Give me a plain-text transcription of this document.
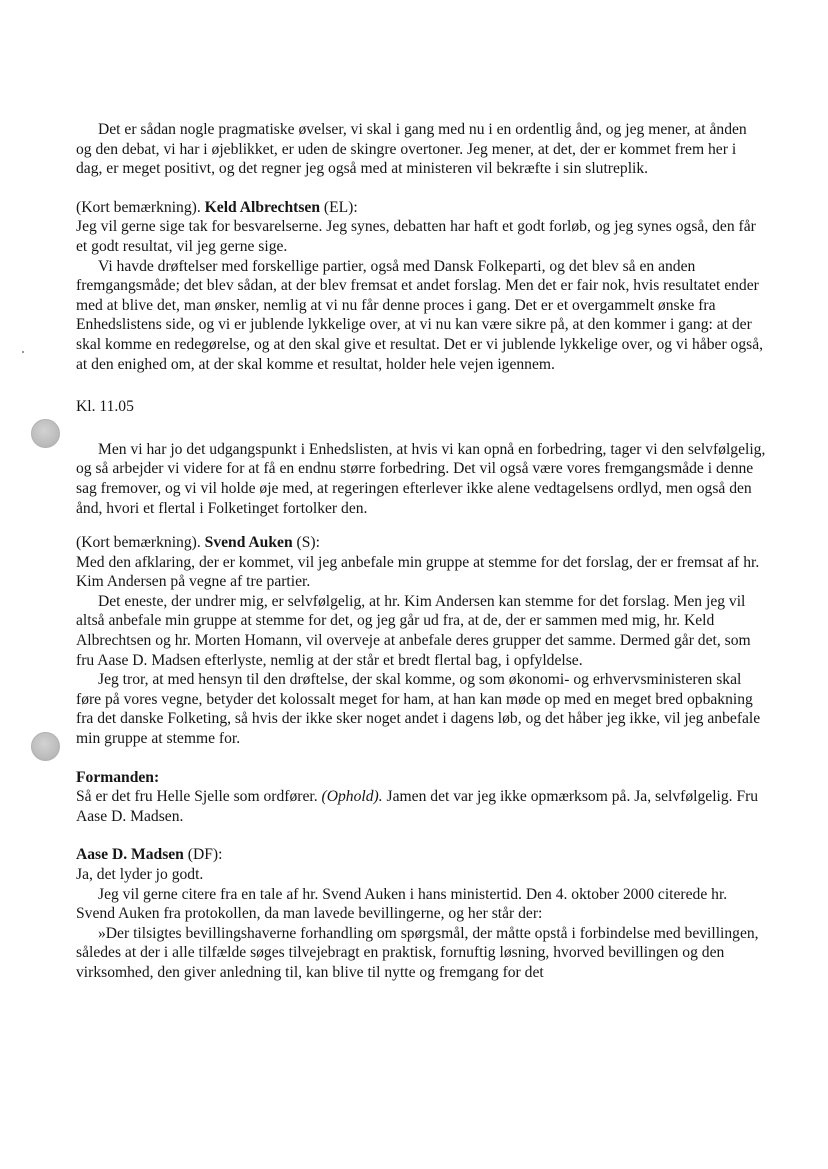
Det er sådan nogle pragmatiske øvelser, vi skal i gang med nu i en ordentlig ånd, og jeg mener, at ånden og den debat, vi har i øjeblikket, er uden de skingre overtoner. Jeg mener, at det, der er kommet frem her i dag, er meget positivt, og det regner jeg også med at ministeren vil bekræfte i sin slutreplik.

(Kort bemærkning). Keld Albrechtsen (EL):

Jeg vil gerne sige tak for besvarelserne. Jeg synes, debatten har haft et godt forløb, og jeg synes også, den får et godt resultat, vil jeg gerne sige.

Vi havde drøftelser med forskellige partier, også med Dansk Folkeparti, og det blev så en anden fremgangsmåde; det blev sådan, at der blev fremsat et andet forslag. Men det er fair nok, hvis resultatet ender med at blive det, man ønsker, nemlig at vi nu får denne proces i gang. Det er et overgammelt ønske fra Enhedslistens side, og vi er jublende lykkelige over, at vi nu kan være sikre på, at den kommer i gang: at der skal komme en redegørelse, og at den skal give et resultat. Det er vi jublende lykkelige over, og vi håber også, at den enighed om, at der skal komme et resultat, holder hele vejen igennem.

Kl. 11.05

Men vi har jo det udgangspunkt i Enhedslisten, at hvis vi kan opnå en forbedring, tager vi den selvfølgelig, og så arbejder vi videre for at få en endnu større forbedring. Det vil også være vores fremgangsmåde i denne sag fremover, og vi vil holde øje med, at regeringen efterlever ikke alene vedtagelsens ordlyd, men også den ånd, hvori et flertal i Folketinget fortolker den.

(Kort bemærkning). Svend Auken (S):

Med den afklaring, der er kommet, vil jeg anbefale min gruppe at stemme for det forslag, der er fremsat af hr. Kim Andersen på vegne af tre partier.

Det eneste, der undrer mig, er selvfølgelig, at hr. Kim Andersen kan stemme for det forslag. Men jeg vil altså anbefale min gruppe at stemme for det, og jeg går ud fra, at de, der er sammen med mig, hr. Keld Albrechtsen og hr. Morten Homann, vil overveje at anbefale deres grupper det samme. Dermed går det, som fru Aase D. Madsen efterlyste, nemlig at der står et bredt flertal bag, i opfyldelse.

Jeg tror, at med hensyn til den drøftelse, der skal komme, og som økonomi- og erhvervsministeren skal føre på vores vegne, betyder det kolossalt meget for ham, at han kan møde op med en meget bred opbakning fra det danske Folketing, så hvis der ikke sker noget andet i dagens løb, og det håber jeg ikke, vil jeg anbefale min gruppe at stemme for.

Formanden:

Så er det fru Helle Sjelle som ordfører. (Ophold). Jamen det var jeg ikke opmærksom på. Ja, selvfølgelig. Fru Aase D. Madsen.

Aase D. Madsen (DF):

Ja, det lyder jo godt.

Jeg vil gerne citere fra en tale af hr. Svend Auken i hans ministertid. Den 4. oktober 2000 citerede hr. Svend Auken fra protokollen, da man lavede bevillingerne, og her står der:

»Der tilsigtes bevillingshaverne forhandling om spørgsmål, der måtte opstå i forbindelse med bevillingen, således at der i alle tilfælde søges tilvejebragt en praktisk, fornuftig løsning, hvorved bevillingen og den virksomhed, den giver anledning til, kan blive til nytte og fremgang for det
